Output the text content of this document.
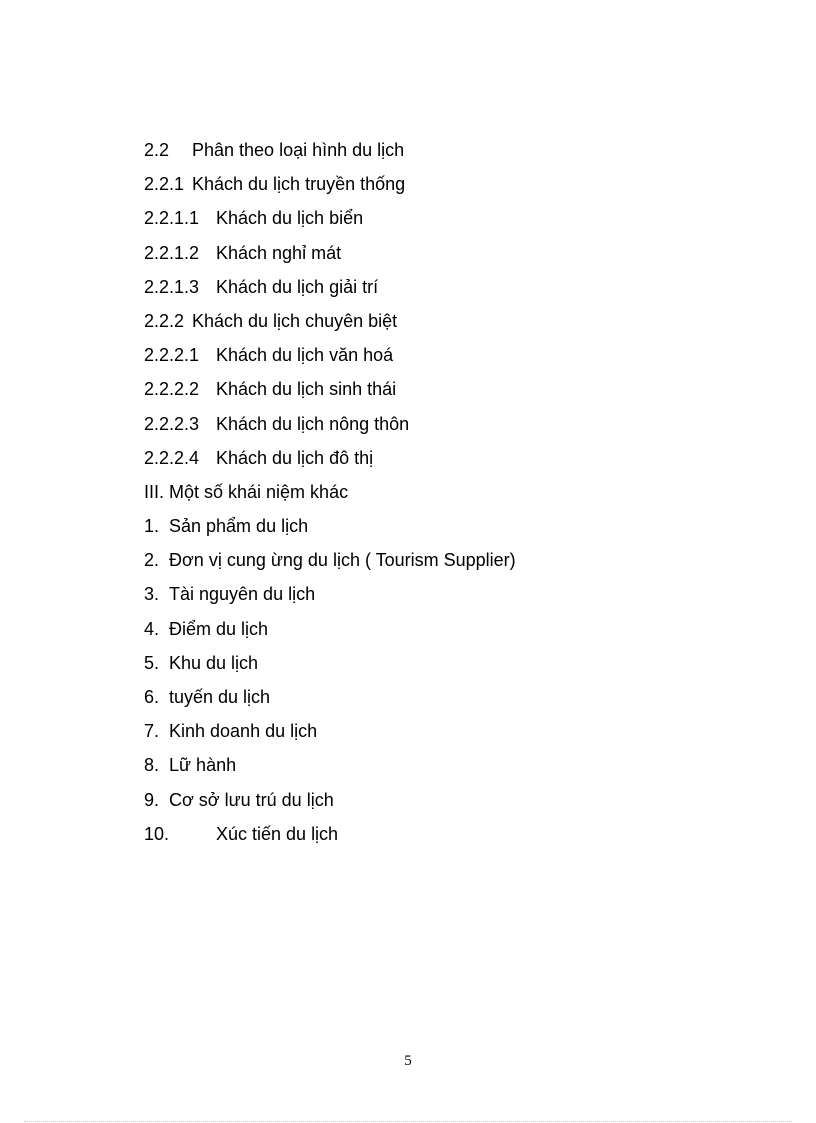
2.2 Phân theo loại hình du lịch
2.2.1 Khách du lịch truyền thống
2.2.1.1 Khách du lịch biển
2.2.1.2 Khách nghỉ mát
2.2.1.3 Khách du lịch giải trí
2.2.2 Khách du lịch chuyên biệt
2.2.2.1 Khách du lịch văn hoá
2.2.2.2 Khách du lịch sinh thái
2.2.2.3 Khách du lịch nông thôn
2.2.2.4 Khách du lịch đô thị
III. Một số khái niệm khác
1. Sản phẩm du lịch
2. Đơn vị cung ừng du lịch ( Tourism Supplier)
3. Tài nguyên du lịch
4. Điểm du lịch
5. Khu du lịch
6. tuyến du lịch
7. Kinh doanh du lịch
8. Lữ hành
9. Cơ sở lưu trú du lịch
10.	Xúc tiến du lịch
5
